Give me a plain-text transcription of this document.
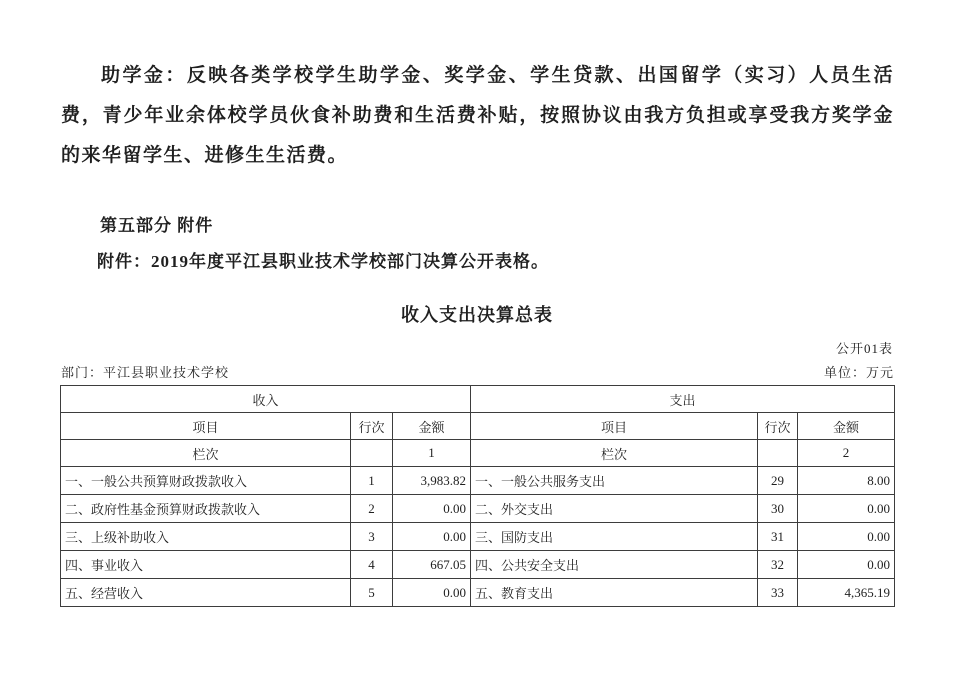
助学金：反映各类学校学生助学金、奖学金、学生贷款、出国留学（实习）人员生活费，青少年业余体校学员伙食补助费和生活费补贴，按照协议由我方负担或享受我方奖学金的来华留学生、进修生生活费。

第五部分 附件

附件：2019年度平江县职业技术学校部门决算公开表格。

收入支出决算总表
公开01表
部门：平江县职业技术学校	单位：万元
收入			支出		
项目	行次	金额	项目	行次	金额
栏次		1	栏次		2
一、一般公共预算财政拨款收入	1	3,983.82	一、一般公共服务支出	29	8.00
二、政府性基金预算财政拨款收入	2	0.00	二、外交支出	30	0.00
三、上级补助收入	3	0.00	三、国防支出	31	0.00
四、事业收入	4	667.05	四、公共安全支出	32	0.00
五、经营收入	5	0.00	五、教育支出	33	4,365.19
